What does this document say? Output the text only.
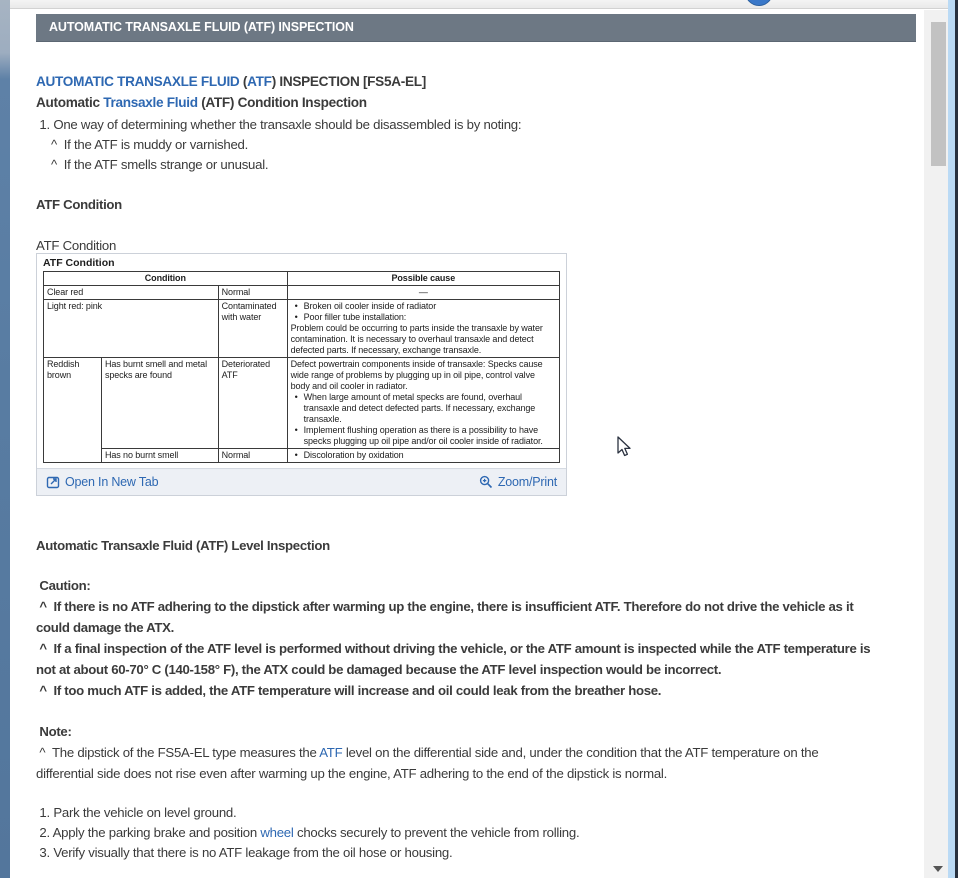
AUTOMATIC TRANSAXLE FLUID (ATF) INSPECTION
AUTOMATIC TRANSAXLE FLUID (ATF) INSPECTION [FS5A-EL]
Automatic Transaxle Fluid (ATF) Condition Inspection
1. One way of determining whether the transaxle should be disassembled is by noting:
^  If the ATF is muddy or varnished.
^  If the ATF smells strange or unusual.
ATF Condition
ATF Condition
ATF Condition
Condition			Possible cause
Clear red		Normal	—
Light red: pink		Contaminated with water	• Broken oil cooler inside of radiator
• Poor filler tube installation:
Problem could be occurring to parts inside the transaxle by water contamination. It is necessary to overhaul transaxle and detect defected parts. If necessary, exchange transaxle.

Reddish brown	Has burnt smell and metal specks are found	Deteriorated ATF	Defect powertrain components inside of transaxle: Specks cause wide range of problems by plugging up in oil pipe, control valve body and oil cooler in radiator.
• When large amount of metal specks are found, overhaul transaxle and detect defected parts. If necessary, exchange transaxle.
• Implement flushing operation as there is a possibility to have specks plugging up oil pipe and/or oil cooler inside of radiator.

	Has no burnt smell	Normal	• Discoloration by oxidation
Open In New Tab	Zoom/Print
Automatic Transaxle Fluid (ATF) Level Inspection
Caution:
^  If there is no ATF adhering to the dipstick after warming up the engine, there is insufficient ATF. Therefore do not drive the vehicle as it
could damage the ATX.
^  If a final inspection of the ATF level is performed without driving the vehicle, or the ATF amount is inspected while the ATF temperature is
not at about 60-70° C (140-158° F), the ATX could be damaged because the ATF level inspection would be incorrect.
^  If too much ATF is added, the ATF temperature will increase and oil could leak from the breather hose.
Note:
^  The dipstick of the FS5A-EL type measures the ATF level on the differential side and, under the condition that the ATF temperature on the
differential side does not rise even after warming up the engine, ATF adhering to the end of the dipstick is normal.
1. Park the vehicle on level ground.
2. Apply the parking brake and position wheel chocks securely to prevent the vehicle from rolling.
3. Verify visually that there is no ATF leakage from the oil hose or housing.
